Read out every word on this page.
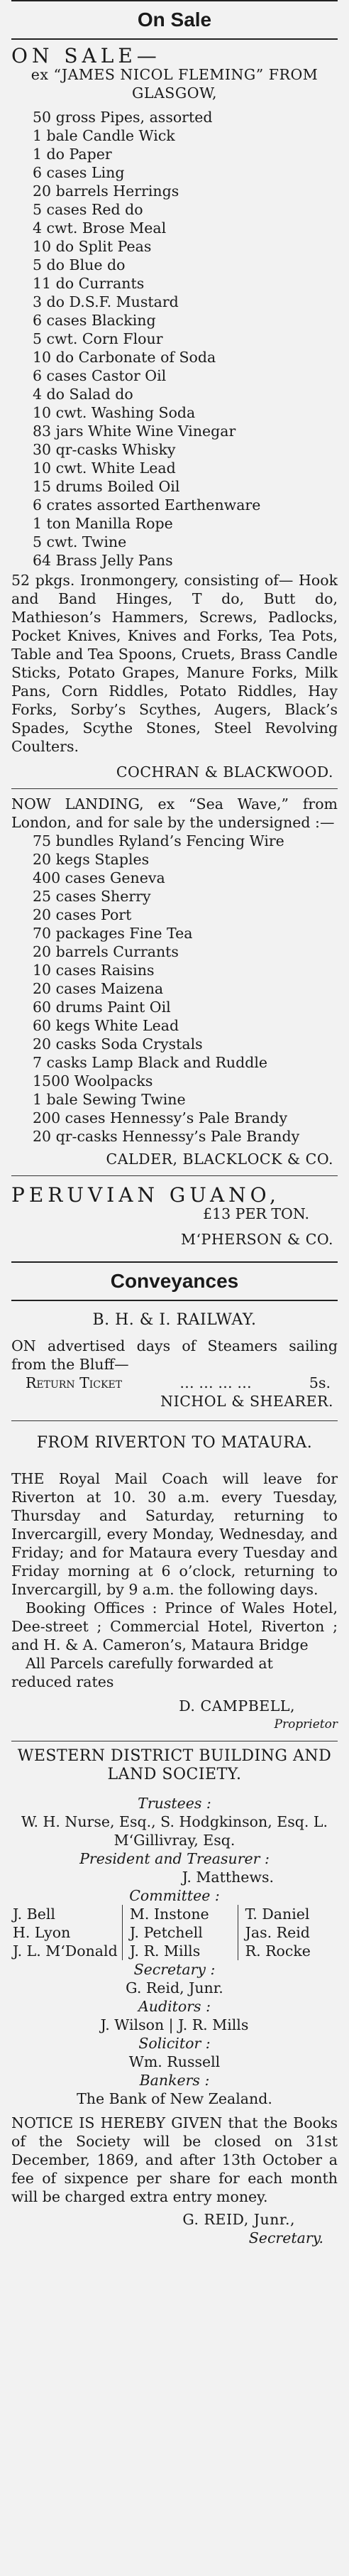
On Sale

ON SALE—

ex “JAMES NICOL FLEMING” FROM GLASGOW,

50 gross Pipes, assorted
1 bale Candle Wick
1 do Paper
6 cases Ling
20 barrels Herrings
5 cases Red do
4 cwt. Brose Meal
10 do Split Peas
5 do Blue do
11 do Currants
3 do D.S.F. Mustard
6 cases Blacking
5 cwt. Corn Flour
10 do Carbonate of Soda
6 cases Castor Oil
4 do Salad do
10 cwt. Washing Soda
83 jars White Wine Vinegar
30 qr-casks Whisky
10 cwt. White Lead
15 drums Boiled Oil
6 crates assorted Earthenware
1 ton Manilla Rope
5 cwt. Twine
64 Brass Jelly Pans

52 pkgs. Ironmongery, consisting of— Hook and Band Hinges, T do, Butt do, Mathieson’s Hammers, Screws, Padlocks, Pocket Knives, Knives and Forks, Tea Pots, Table and Tea Spoons, Cruets, Brass Candle Sticks, Potato Grapes, Manure Forks, Milk Pans, Corn Riddles, Potato Riddles, Hay Forks, Sorby’s Scythes, Augers, Black’s Spades, Scythe Stones, Steel Revolving Coulters.

COCHRAN & BLACKWOOD.

NOW LANDING, ex “Sea Wave,” from London, and for sale by the undersigned :—

75 bundles Ryland’s Fencing Wire
20 kegs Staples
400 cases Geneva
25 cases Sherry
20 cases Port
70 packages Fine Tea
20 barrels Currants
10 cases Raisins
20 cases Maizena
60 drums Paint Oil
60 kegs White Lead
20 casks Soda Crystals
7 casks Lamp Black and Ruddle
1500 Woolpacks
1 bale Sewing Twine
200 cases Hennessy’s Pale Brandy
20 qr-casks Hennessy’s Pale Brandy

CALDER, BLACKLOCK & CO.

PERUVIAN GUANO,

£13 PER TON.

M‘PHERSON & CO.

Conveyances

B. H. & I. RAILWAY.

ON advertised days of Steamers sailing from the Bluff—

Return Ticket	… … … …	5s.

NICHOL & SHEARER.

FROM RIVERTON TO MATAURA.

THE Royal Mail Coach will leave for Riverton at 10. 30 a.m. every Tuesday, Thursday and Saturday, returning to Invercargill, every Monday, Wednesday, and Friday; and for Mataura every Tuesday and Friday morning at 6 o’clock, returning to Invercargill, by 9 a.m. the following days.

Booking Offices : Prince of Wales Hotel, Dee-street ; Commercial Hotel, Riverton ; and H. & A. Cameron’s, Mataura Bridge

All Parcels carefully forwarded at reduced rates

D. CAMPBELL,

Proprietor

WESTERN DISTRICT BUILDING AND LAND SOCIETY.

Trustees :

W. H. Nurse, Esq., S. Hodgkinson, Esq. L. M‘Gillivray, Esq.

President and Treasurer :

J. Matthews.

Committee :

J. Bell
H. Lyon
J. L. M‘Donald
M. Instone
J. Petchell
J. R. Mills
T. Daniel
Jas. Reid
R. Rocke

Secretary :

G. Reid, Junr.

Auditors :

J. Wilson | J. R. Mills

Solicitor :

Wm. Russell

Bankers :

The Bank of New Zealand.

NOTICE IS HEREBY GIVEN that the Books of the Society will be closed on 31st December, 1869, and after 13th October a fee of sixpence per share for each month will be charged extra entry money.

G. REID, Junr.,

Secretary.
